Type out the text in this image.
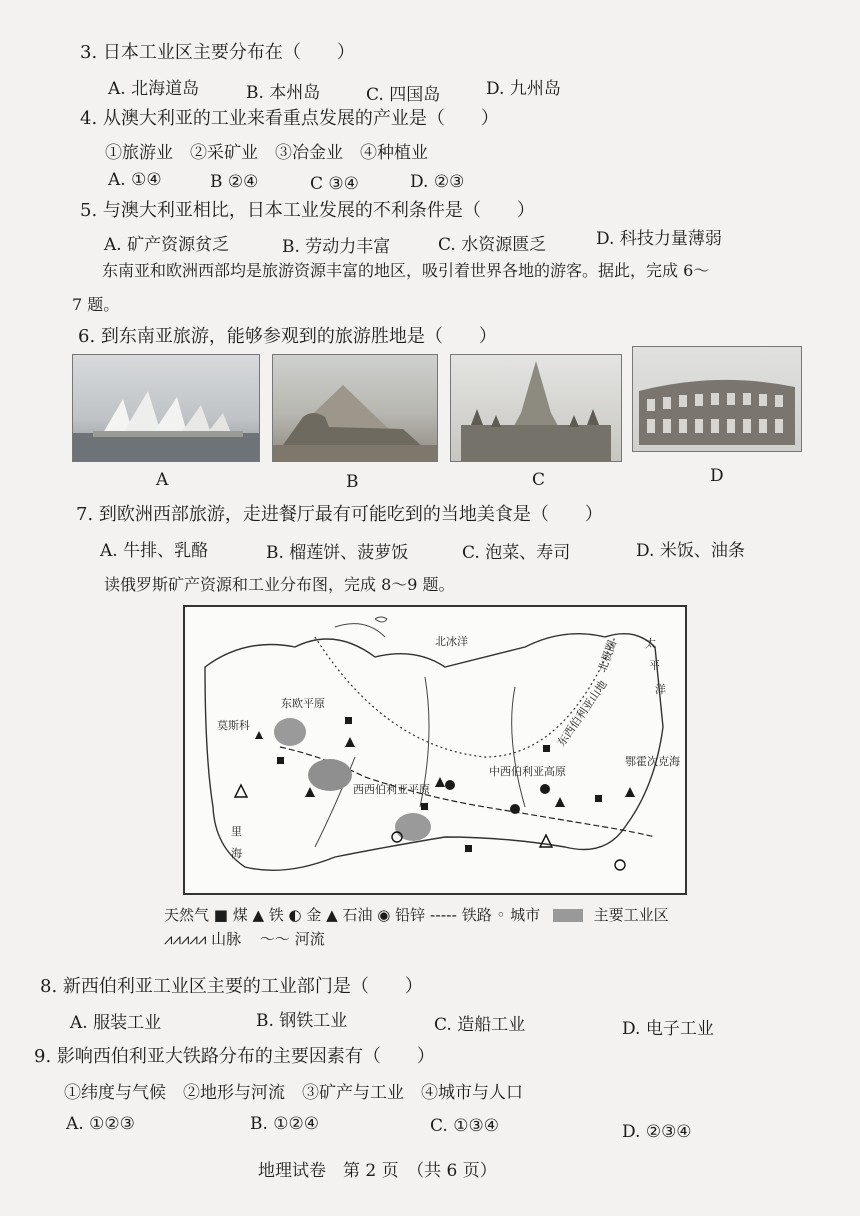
3. 日本工业区主要分布在（　　）
A. 北海道岛	B. 本州岛	C. 四国岛	D. 九州岛
4. 从澳大利亚的工业来看重点发展的产业是（　　）
①旅游业　②采矿业　③冶金业　④种植业
A. ①④	B ②④	C ③④	D. ②③
5. 与澳大利亚相比，日本工业发展的不利条件是（　　）
A. 矿产资源贫乏	B. 劳动力丰富	C. 水资源匮乏	D. 科技力量薄弱
东南亚和欧洲西部均是旅游资源丰富的地区，吸引着世界各地的游客。据此，完成 6～
7 题。
6. 到东南亚旅游，能够参观到的旅游胜地是（　　）
A	B	C	D
7. 到欧洲西部旅游，走进餐厅最有可能吃到的当地美食是（　　）
A. 牛排、乳酪	B. 榴莲饼、菠萝饭	C. 泡菜、寿司	D. 米饭、油条
读俄罗斯矿产资源和工业分布图，完成 8～9 题。
北冰洋	太
平
洋
莫斯科
东欧平原
西西伯利亚平原
中西伯利亚高原
东西伯利亚山地
北极圈
鄂霍次克海
里
海
天然气 ■ 煤 ▲ 铁 ◐ 金 ▲ 石油 ◉ 铅锌 ----- 铁路 ◦ 城市	主要工业区
⩘⩘⩘⩘⩘ 山脉 〜〜 河流
8. 新西伯利亚工业区主要的工业部门是（　　）
A. 服装工业	B. 钢铁工业	C. 造船工业	D. 电子工业
9. 影响西伯利亚大铁路分布的主要因素有（　　）
①纬度与气候　②地形与河流　③矿产与工业　④城市与人口
A. ①②③	B. ①②④	C. ①③④	D. ②③④
地理试卷　第 2 页　（共 6 页）
